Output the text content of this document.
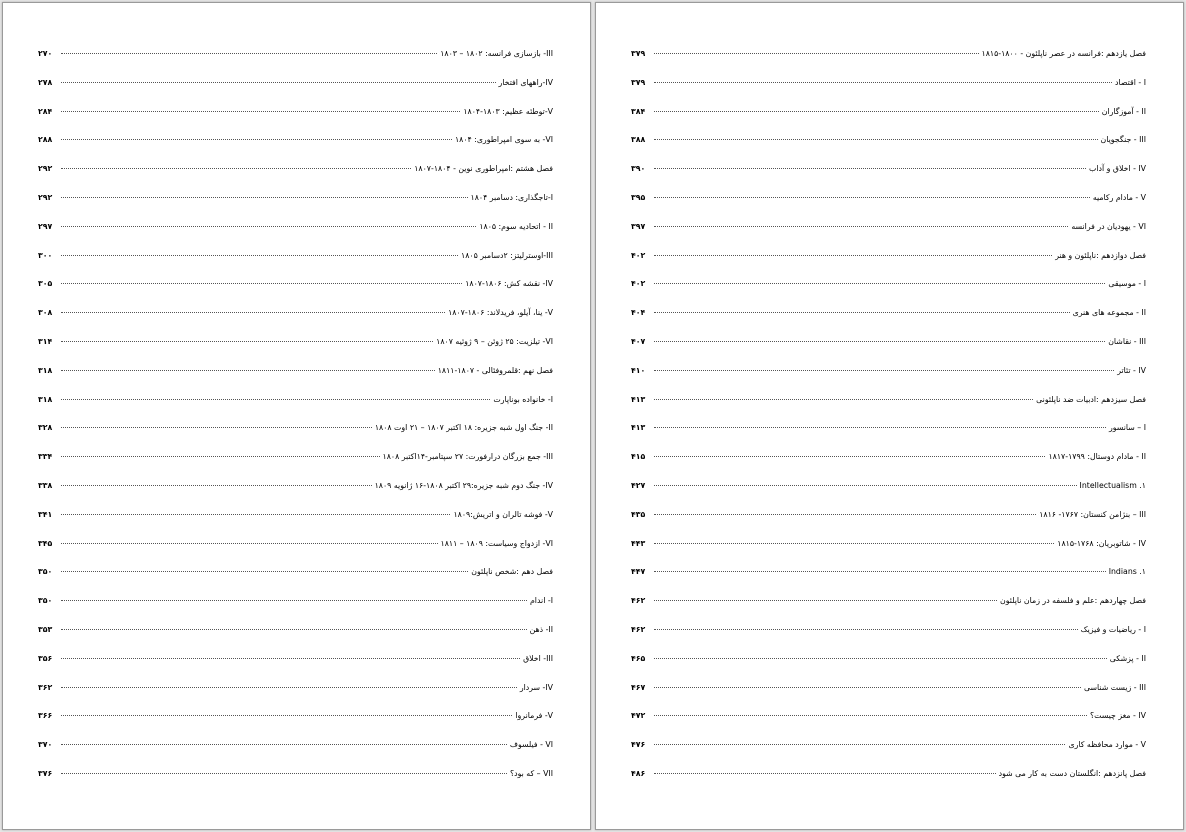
III- بازسازی فرانسه: ۱۸۰۲ – ۱۸۰۳
۲۷۰
IV-راههای افتخار
۲۷۸
V-توطئه عظیم: ۱۸۰۳-۱۸۰۴
۲۸۴
VI- به سوی امپراطوری: ۱۸۰۴
۲۸۸
فصل هشتم :امپراطوری نوین - ۱۸۰۴-۱۸۰۷
۲۹۲
I-تاجگذاری: دسامبر ۱۸۰۴
۲۹۲
II - اتحادیه سوم: ۱۸۰۵
۲۹۷
III-اوسترلیتز: ۲دسامبر ۱۸۰۵
۳۰۰
IV- نقشه کش: ۱۸۰۶-۱۸۰۷
۳۰۵
V- ینا، آیلو، فریدلاند: ۱۸۰۶-۱۸۰۷
۳۰۸
VI- تیلزیت: ۲۵ ژوئن – ۹ ژوئیه ۱۸۰۷
۳۱۴
فصل نهم :قلمروفئالی - ۱۸۰۷-۱۸۱۱
۳۱۸
I- خانواده بوناپارت
۳۱۸
II- جنگ اول شبه جزیره: ۱۸ اکتبر ۱۸۰۷ – ۲۱ اوت ۱۸۰۸
۳۲۸
III- جمع بزرگان درارفورت: ۲۷ سپتامبر-۱۴اکتبر ۱۸۰۸
۳۳۴
IV- جنگ دوم شبه جزیره:۲۹ اکتبر ۱۸۰۸-۱۶ ژانویه ۱۸۰۹
۳۳۸
V- فوشه تالران و اتریش:۱۸۰۹
۳۴۱
VI- ازدواج وسیاست: ۱۸۰۹ – ۱۸۱۱
۳۴۵
فصل دهم :شخص ناپلئون
۳۵۰
I- اندام
۳۵۰
II- ذهن
۳۵۳
III- اخلاق
۳۵۶
IV- سردار
۳۶۲
V- فرمانروا
۳۶۶
VI - فیلسوف
۳۷۰
VII – که بود؟
۳۷۶
فصل یازدهم :فرانسه در عصر ناپلئون - ۱۸۰۰-۱۸۱۵
۳۷۹
I - اقتصاد
۳۷۹
II - آموزگاران
۳۸۴
III - جنگجویان
۳۸۸
IV - اخلاق و آداب
۳۹۰
V - مادام رکامیه
۳۹۵
VI - یهودیان در فرانسه
۳۹۷
فصل دوازدهم :ناپلئون و هنر
۴۰۲
I - موسیقی
۴۰۲
II - مجموعه های هنری
۴۰۴
III - نقاشان
۴۰۷
IV - تئاتر
۴۱۰
فصل سیزدهم :ادبیات ضد ناپلئونی
۴۱۳
I – سانسور
۴۱۳
II - مادام دوستال: ۱۷۹۹-۱۸۱۷
۴۱۵
۱. Intellectualism
۴۲۷
III – بنژامن کنستان: ۱۷۶۷- ۱۸۱۶
۴۳۵
IV - شاتوبریان: ۱۷۶۸-۱۸۱۵
۴۴۳
۱. Indians
۴۴۷
فصل چهاردهم :علم و فلسفه در زمان ناپلئون
۴۶۲
I - ریاضیات و فیزیک
۴۶۲
II - پزشکی
۴۶۵
III - زیست شناسی
۴۶۷
IV - مغز چیست؟
۴۷۲
V - موارد محافظه کاری
۴۷۶
فصل پانزدهم :انگلستان دست به کار می شود
۴۸۶
